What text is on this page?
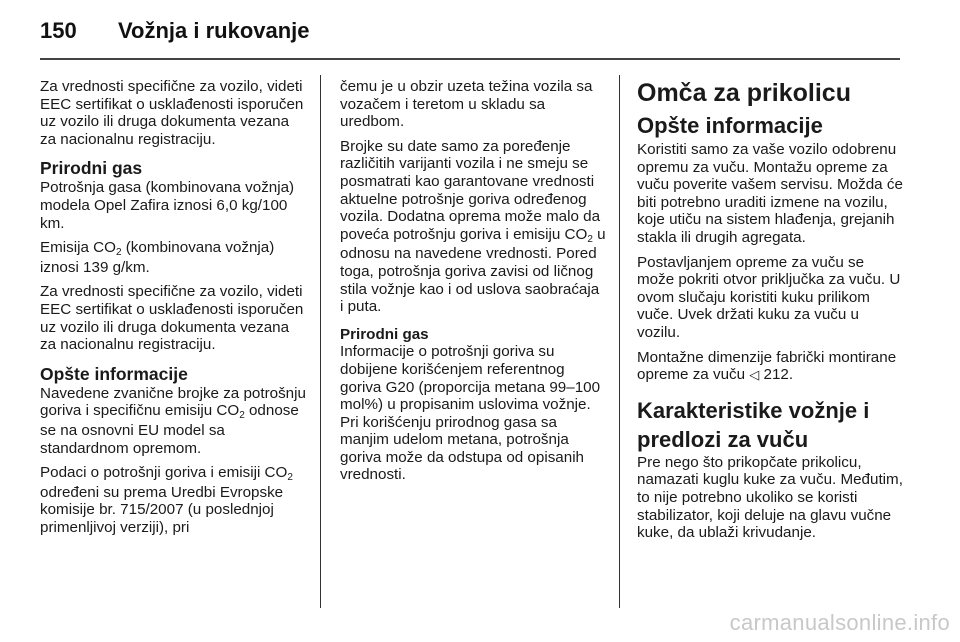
150 Vožnja i rukovanje

Za vrednosti specifične za vozilo, videti EEC sertifikat o usklađenosti isporučen uz vozilo ili druga dokumenta vezana za nacionalnu registraciju.

Prirodni gas

Potrošnja gasa (kombinovana vožnja) modela Opel Zafira iznosi 6,0 kg/100 km.

Emisija CO2 (kombinovana vožnja) iznosi 139 g/km.

Za vrednosti specifične za vozilo, videti EEC sertifikat o usklađenosti isporučen uz vozilo ili druga dokumenta vezana za nacionalnu registraciju.

Opšte informacije

Navedene zvanične brojke za potrošnju goriva i specifičnu emisiju CO2 odnose se na osnovni EU model sa standardnom opremom.

Podaci o potrošnji goriva i emisiji CO2 određeni su prema Uredbi Evropske komisije br. 715/2007 (u poslednjoj primenljivoj verziji), pri

čemu je u obzir uzeta težina vozila sa vozačem i teretom u skladu sa uredbom.

Brojke su date samo za poređenje različitih varijanti vozila i ne smeju se posmatrati kao garantovane vrednosti aktuelne potrošnje goriva određenog vozila. Dodatna oprema može malo da poveća potrošnju goriva i emisiju CO2 u odnosu na navedene vrednosti. Pored toga, potrošnja goriva zavisi od ličnog stila vožnje kao i od uslova saobraćaja i puta.

Prirodni gas

Informacije o potrošnji goriva su dobijene korišćenjem referentnog goriva G20 (proporcija metana 99–100 mol%) u propisanim uslovima vožnje. Pri korišćenju prirodnog gasa sa manjim udelom metana, potrošnja goriva može da odstupa od opisanih vrednosti.

Omča za prikolicu
Opšte informacije

Koristiti samo za vaše vozilo odobrenu opremu za vuču. Montažu opreme za vuču poverite vašem servisu. Možda će biti potrebno uraditi izmene na vozilu, koje utiču na sistem hlađenja, grejanih stakla ili drugih agregata.

Postavljanjem opreme za vuču se može pokriti otvor priključka za vuču. U ovom slučaju koristiti kuku prilikom vuče. Uvek držati kuku za vuču u vozilu.

Montažne dimenzije fabrički montirane opreme za vuču ◁ 212.

Karakteristike vožnje i predlozi za vuču

Pre nego što prikopčate prikolicu, namazati kuglu kuke za vuču. Međutim, to nije potrebno ukoliko se koristi stabilizator, koji deluje na glavu vučne kuke, da ublaži krivudanje.

carmanualsonline.info
